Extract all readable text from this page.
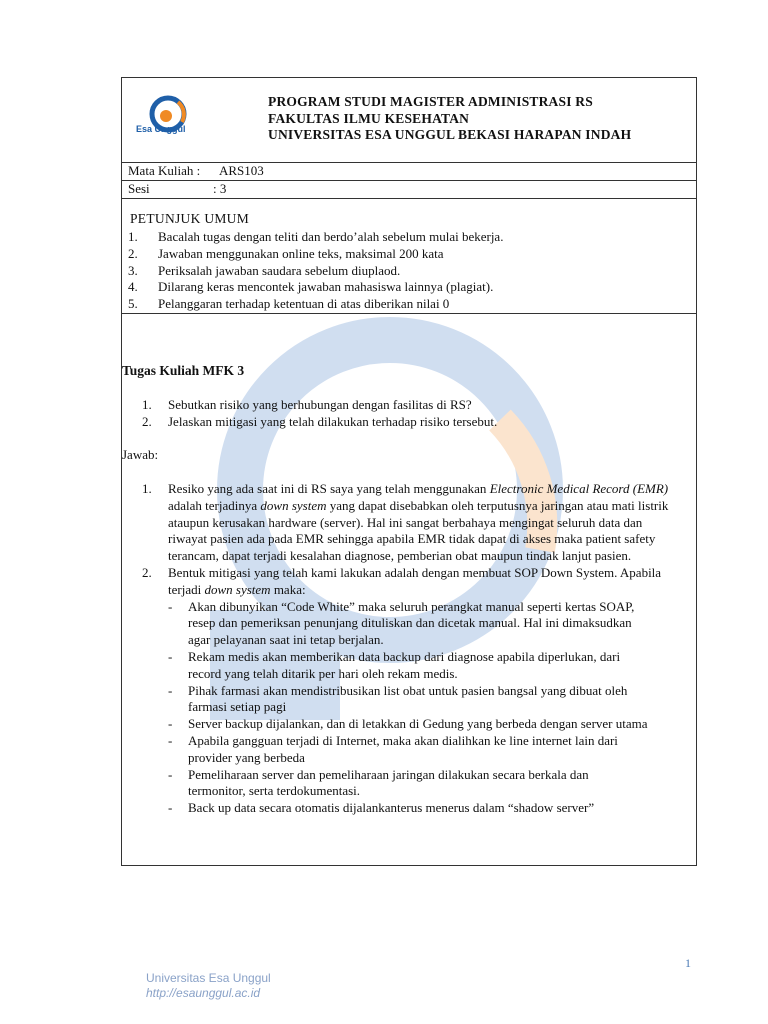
Esa Unggul
PROGRAM STUDI MAGISTER ADMINISTRASI RS
FAKULTAS ILMU KESEHATAN
UNIVERSITAS ESA UNGGUL BEKASI HARAPAN INDAH
Mata Kuliah : ARS103
Sesi	: 3
PETUNJUK UMUM
1. Bacalah tugas dengan teliti dan berdo’alah sebelum mulai bekerja.
2. Jawaban menggunakan online teks, maksimal 200 kata
3. Periksalah jawaban saudara sebelum diuplaod.
4. Dilarang keras mencontek jawaban mahasiswa lainnya (plagiat).
5. Pelanggaran terhadap ketentuan di atas diberikan nilai 0
Tugas Kuliah MFK 3
1. Sebutkan risiko yang berhubungan dengan fasilitas di RS?
2. Jelaskan mitigasi yang telah dilakukan terhadap risiko tersebut.
Jawab:
1. Resiko yang ada saat ini di RS saya yang telah menggunakan Electronic Medical Record (EMR) adalah terjadinya down system yang dapat disebabkan oleh terputusnya jaringan atau mati listrik ataupun kerusakan hardware (server). Hal ini sangat berbahaya mengingat seluruh data dan riwayat pasien ada pada EMR sehingga apabila EMR tidak dapat di akses maka patient safety terancam, dapat terjadi kesalahan diagnose, pemberian obat maupun tindak lanjut pasien.
2. Bentuk mitigasi yang telah kami lakukan adalah dengan membuat SOP Down System. Apabila terjadi down system maka:
- Akan dibunyikan “Code White” maka seluruh perangkat manual seperti kertas SOAP, resep dan pemeriksan penunjang dituliskan dan dicetak manual. Hal ini dimaksudkan agar pelayanan saat ini tetap berjalan.
- Rekam medis akan memberikan data backup dari diagnose apabila diperlukan, dari record yang telah ditarik per hari oleh rekam medis.
- Pihak farmasi akan mendistribusikan list obat untuk pasien bangsal yang dibuat oleh farmasi setiap pagi
- Server backup dijalankan, dan di letakkan di Gedung yang berbeda dengan server utama
- Apabila gangguan terjadi di Internet, maka akan dialihkan ke line internet lain dari provider yang berbeda
- Pemeliharaan server dan pemeliharaan jaringan dilakukan secara berkala dan termonitor, serta terdokumentasi.
- Back up data secara otomatis dijalankanterus menerus dalam “shadow server”
1
Universitas Esa Unggul
http://esaunggul.ac.id
